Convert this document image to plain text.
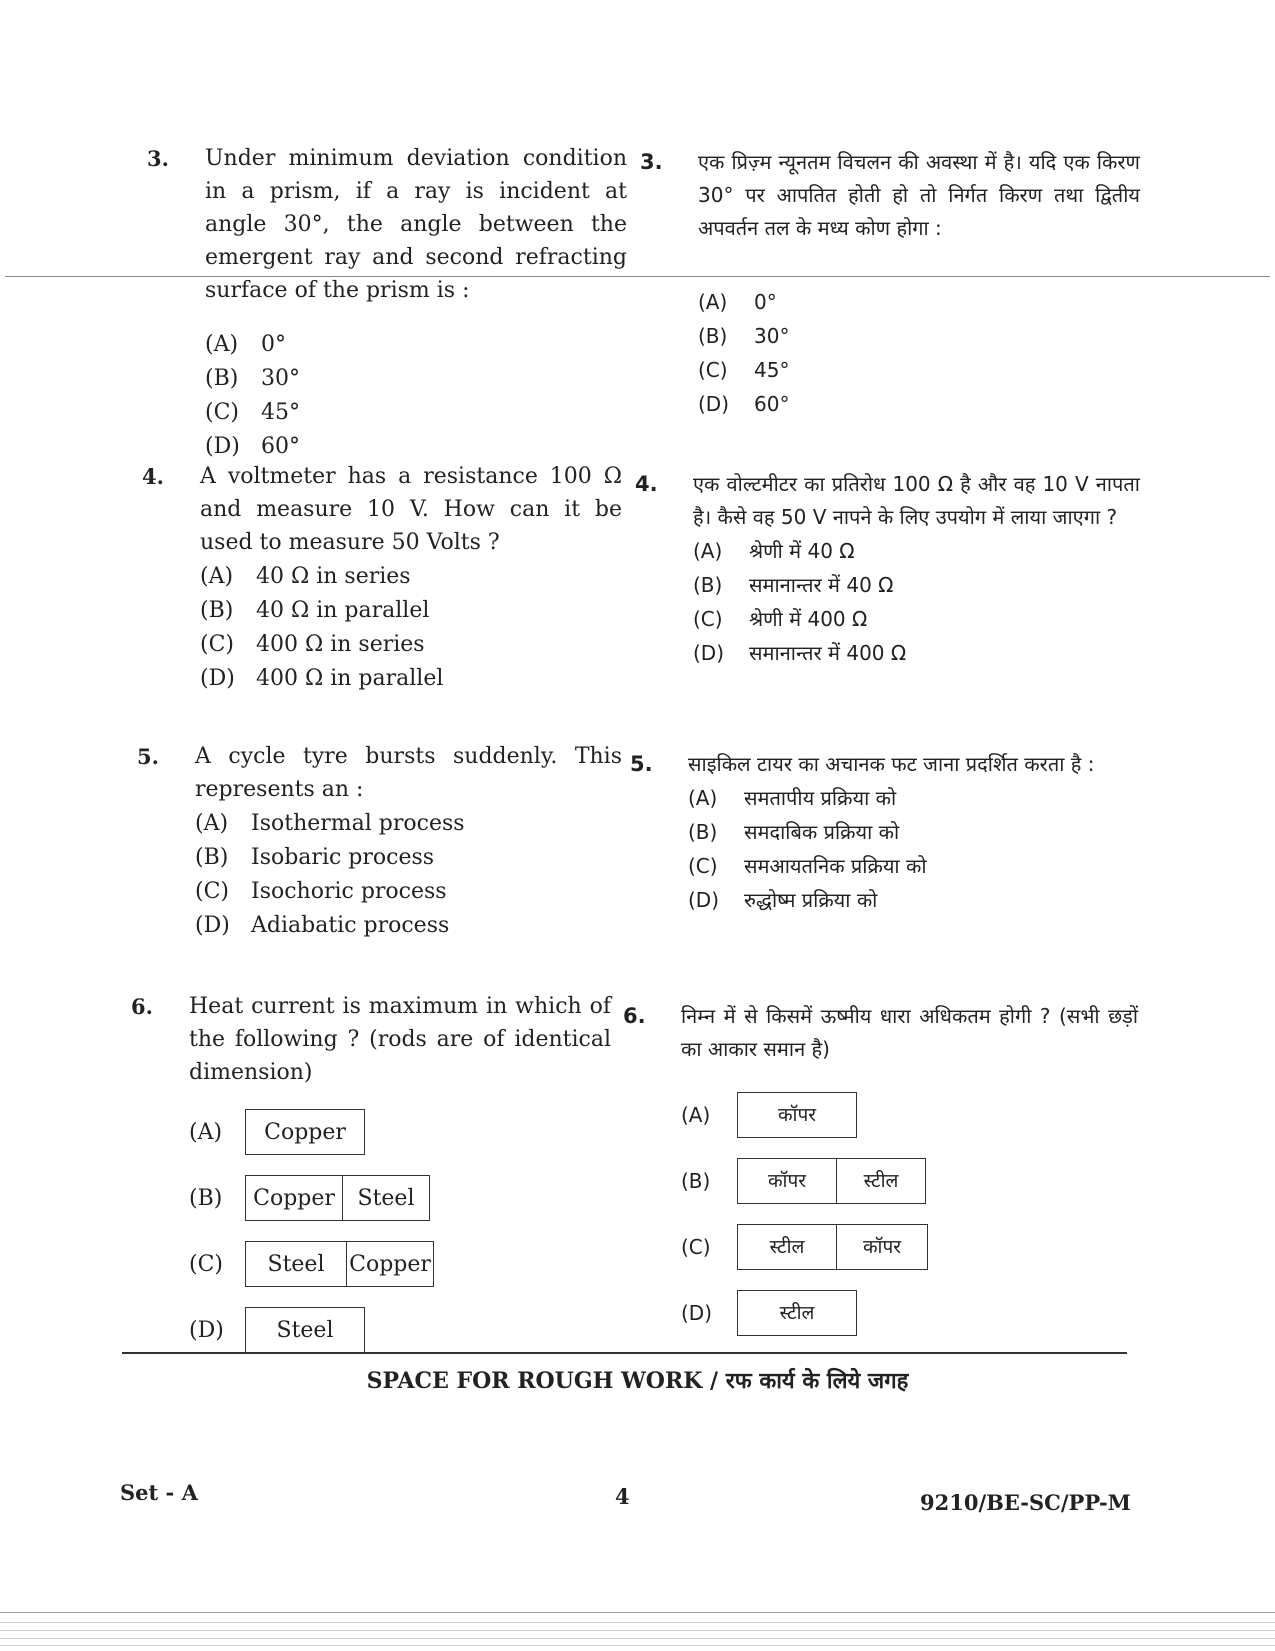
3. Under minimum deviation condition in a prism, if a ray is incident at angle 30°, the angle between the emergent ray and second refracting surface of the prism is :
(A)	0°
(B)	30°
(C)	45°
(D) 60°
4. A voltmeter has a resistance 100 Ω and measure 10 V. How can it be used to measure 50 Volts ?
(A)	40 Ω in series
(B)	40 Ω in parallel
(C)	400 Ω in series
(D) 400 Ω in parallel
5. A cycle tyre bursts suddenly. This represents an :
(A)	Isothermal process
(B)	Isobaric process
(C)	Isochoric process
(D) Adiabatic process
6. Heat current is maximum in which of the following ? (rods are of identical dimension)
(A)	Copper
(B)	Copper	Steel
(C)	Steel	Copper
(D)	Steel
3. एक प्रिज़्म न्यूनतम विचलन की अवस्था में है। यदि एक किरण 30° पर आपतित होती हो तो निर्गत किरण तथा द्वितीय अपवर्तन तल के मध्य कोण होगा :
(A)	0°
(B)	30°
(C)	45°
(D)	60°
4. एक वोल्टमीटर का प्रतिरोध 100 Ω है और वह 10 V नापता है। कैसे वह 50 V नापने के लिए उपयोग में लाया जाएगा ?
(A)	श्रेणी में 40 Ω
(B)	समानान्तर में 40 Ω
(C)	श्रेणी में 400 Ω
(D)	समानान्तर में 400 Ω
5. साइकिल टायर का अचानक फट जाना प्रदर्शित करता है :
(A)	समतापीय प्रक्रिया को
(B)	समदाबिक प्रक्रिया को
(C)	समआयतनिक प्रक्रिया को
(D)	रुद्धोष्म प्रक्रिया को
6. निम्न में से किसमें ऊष्मीय धारा अधिकतम होगी ? (सभी छड़ों का आकार समान है)
(A)	कॉपर
(B)	कॉपर	स्टील
(C)	स्टील	कॉपर
(D)	स्टील
SPACE FOR ROUGH WORK / रफ कार्य के लिये जगह
Set - A	4	9210/BE-SC/PP-M
